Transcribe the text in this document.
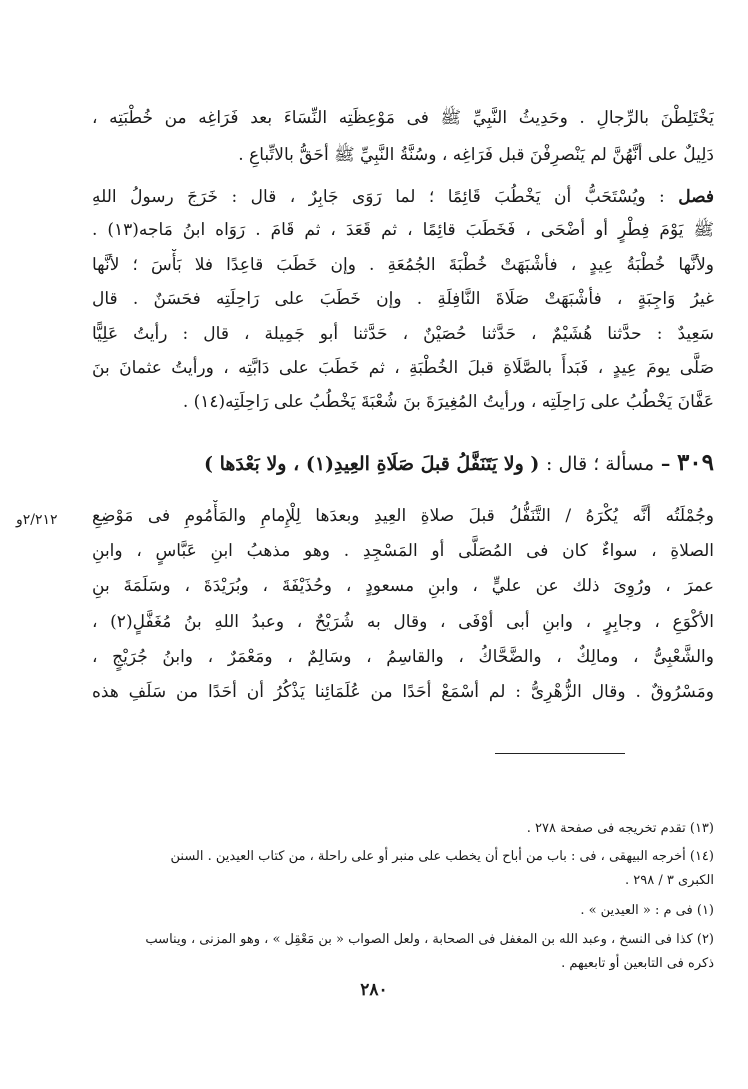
يَخْتَلِطْنَ بالرِّجالِ . وحَدِيثُ النَّبِيِّ ﷺ فى مَوْعِظَتِه النِّسَاءَ بعد فَرَاغِه من خُطْبَتِه ،
دَلِيلٌ على أنَّهُنَّ لم يَنْصرِفْنَ قبل فَرَاغِه ، وسُنَّةُ النَّبِيِّ ﷺ أحَقُّ بالاتِّباعِ .
فصل : ويُسْتَحَبُّ أن يَخْطُبَ قَائِمًا ؛ لما رَوَى جَابِرٌ ، قال : خَرَجَ رسولُ اللهِ
ﷺ يَوْمَ فِطْرٍ أو أضْحَى ، فَخَطَبَ قائِمًا ، ثم قَعَدَ ، ثم قَامَ . رَوَاه ابنُ مَاجه(١٣) .
ولأنَّها خُطْبَةُ عِيدٍ ، فأشْبَهَتْ خُطْبَةَ الجُمُعَةِ . وإن خَطَبَ قاعِدًا فلا بَأْسَ ؛ لأنَّها
غيرُ وَاجِبَةٍ ، فأشْبَهَتْ صَلَاةَ النَّافِلَةِ . وإن خَطَبَ على رَاحِلَتِه فحَسَنٌ . قال
سَعِيدٌ : حدَّثنا هُشَيْمٌ ، حَدَّثنا حُصَيْنٌ ، حَدَّثنا أبو جَمِيلة ، قال : رأيتُ عَلِيًّا
صَلَّى يومَ عِيدٍ ، فَبَدأَ بالصَّلَاةِ قبلَ الخُطْبَةِ ، ثم خَطَبَ على دَابَّتِه ، ورأيتُ عثمانَ بنَ
عَفَّانَ يَخْطُبُ على رَاحِلَتِه ، ورأيتُ المُغِيرَةَ بنَ شُعْبَةَ يَخْطُبُ على رَاحِلَتِه(١٤) .
٣٠٩ – مسألة ؛ قال : ( ولا يَتَنَفَّلُ قبلَ صَلَاةِ العِيدِ(١) ، ولا بَعْدَها )
وجُمْلَتُه أنَّه يُكْرَهُ / التَّنَفُّلُ قبلَ صلاةِ العِيدِ وبعدَها لِلْإِمامِ والمَأْمُومِ فى مَوْضِعِ
الصلاةِ ، سواءٌ كان فى المُصَلَّى أو المَسْجِدِ . وهو مذهبُ ابنِ عَبَّاسٍ ، وابنِ
عمرَ ، ورُوِىَ ذلك عن عليٍّ ، وابنِ مسعودٍ ، وحُذَيْفَةَ ، وبُرَيْدَةَ ، وسَلَمَةَ بنِ
الأكْوَعِ ، وجابِرٍ ، وابنِ أبى أوْفَى ، وقال به شُرَيْحٌ ، وعبدُ اللهِ بنُ مُغَفَّلٍ(٢) ،
والشَّعْبِىُّ ، ومالِكٌ ، والضَّحَّاكُ ، والقاسِمُ ، وسَالِمٌ ، ومَعْمَرٌ ، وابنُ جُرَيْجٍ ،
ومَسْرُوقٌ . وقال الزُّهْرِىُّ : لم أسْمَعْ أحَدًا من عُلَمَائِنا يَذْكُرُ أن أحَدًا من سَلَفِ هذه
(١٣) تقدم تخريجه فى صفحة ٢٧٨ .
(١٤) أخرجه البيهقى ، فى : باب من أباح أن يخطب على منبر أو على راحلة ، من كتاب العيدين . السنن
الكبرى ٣ / ٢٩٨ .
(١) فى م : « العيدين » .
(٢) كذا فى النسخ ، وعبد الله بن المغفل فى الصحابة ، ولعل الصواب « بن مَعْقِل » ، وهو المزنى ، ويناسب
ذكره فى التابعين أو تابعيهم .
٢/٢١٢و
٢٨٠
